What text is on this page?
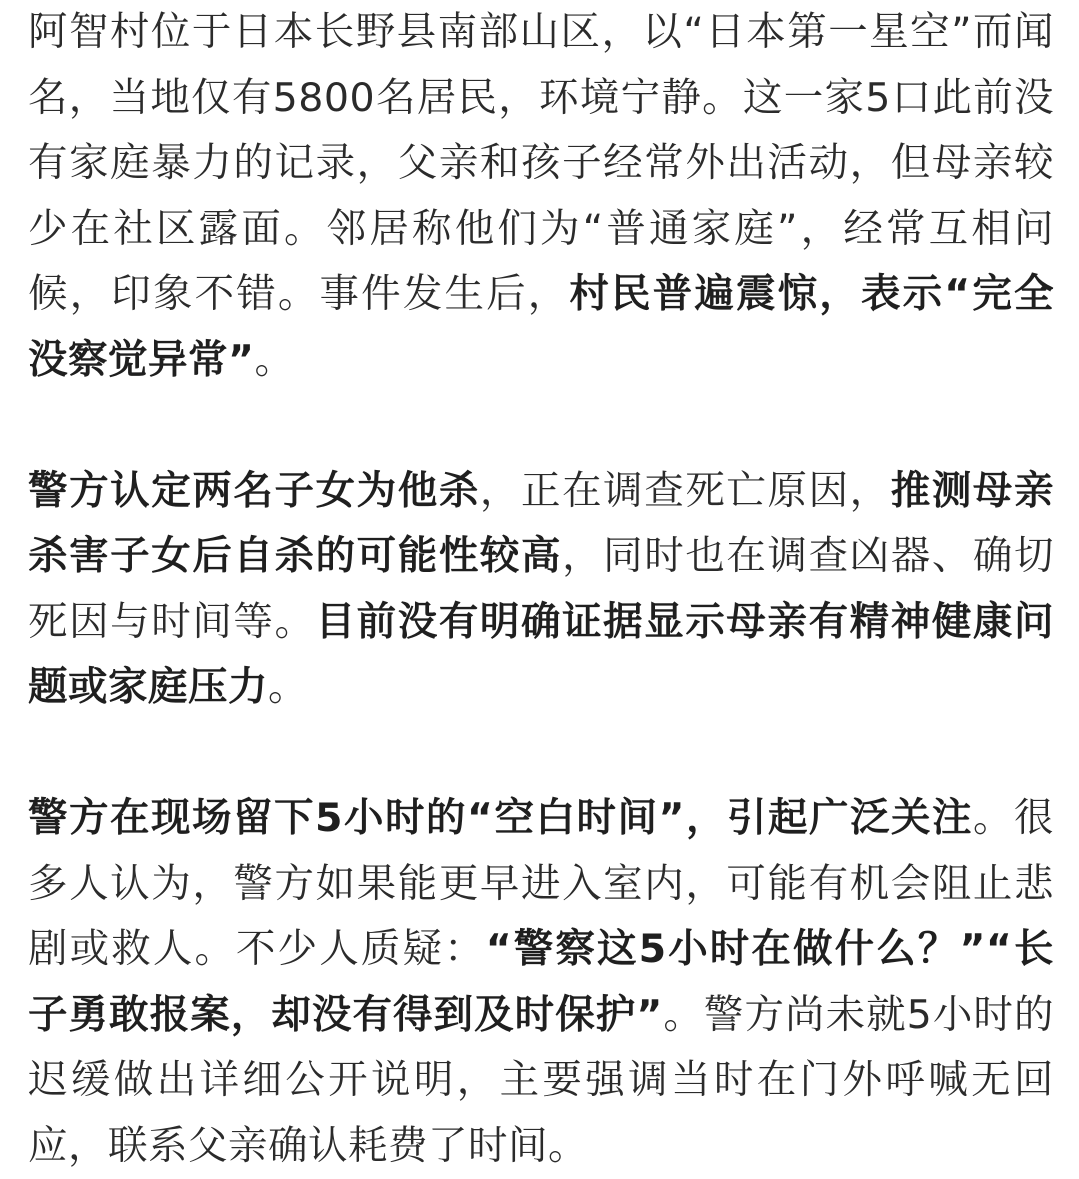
阿智村位于日本长野县南部山区，以“日本第一星空”而闻名，当地仅有5800名居民，环境宁静。这一家5口此前没有家庭暴力的记录，父亲和孩子经常外出活动，但母亲较少在社区露面。邻居称他们为“普通家庭”，经常互相问候，印象不错。事件发生后，村民普遍震惊，表示“完全没察觉异常”。

警方认定两名子女为他杀，正在调查死亡原因，推测母亲杀害子女后自杀的可能性较高，同时也在调查凶器、确切死因与时间等。目前没有明确证据显示母亲有精神健康问题或家庭压力。

警方在现场留下5小时的“空白时间”，引起广泛关注。很多人认为，警方如果能更早进入室内，可能有机会阻止悲剧或救人。不少人质疑：“警察这5小时在做什么？”“长子勇敢报案，却没有得到及时保护”。警方尚未就5小时的迟缓做出详细公开说明，主要强调当时在门外呼喊无回应，联系父亲确认耗费了时间。
